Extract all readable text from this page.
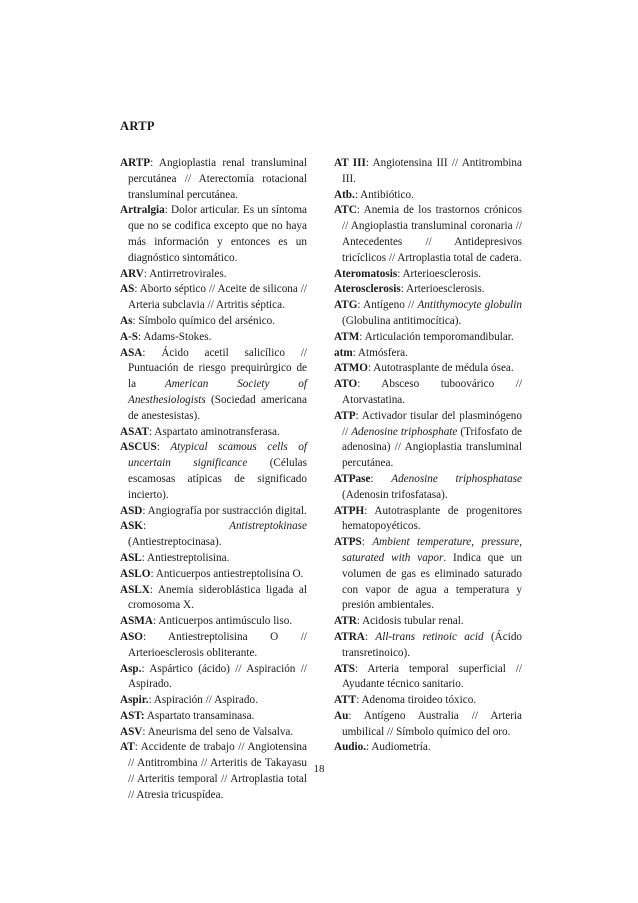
ARTP
ARTP: Angioplastia renal transluminal percutánea // Aterectomía rotacional transluminal percutánea.
Artralgia: Dolor articular. Es un síntoma que no se codifica excepto que no haya más información y entonces es un diagnóstico sintomático.
ARV: Antirretrovirales.
AS: Aborto séptico // Aceite de silicona // Arteria subclavia // Artritis séptica.
As: Símbolo químico del arsénico.
A-S: Adams-Stokes.
ASA: Ácido acetil salicílico // Puntuación de riesgo prequirúrgico de la American Society of Anesthesiologists (Sociedad americana de anestesistas).
ASAT: Aspartato aminotransferasa.
ASCUS: Atypical scamous cells of uncertain significance (Células escamosas atípicas de significado incierto).
ASD: Angiografía por sustracción digital.
ASK: Antistreptokinase (Antiestreptocinasa).
ASL: Antiestreptolisina.
ASLO: Anticuerpos antiestreptolisina O.
ASLX: Anemia sideroblástica ligada al cromosoma X.
ASMA: Anticuerpos antimúsculo liso.
ASO: Antiestreptolisina O // Arterioesclerosis obliterante.
Asp.: Aspártico (ácido) // Aspiración // Aspirado.
Aspir.: Aspiración // Aspirado.
AST: Aspartato transaminasa.
ASV: Aneurisma del seno de Valsalva.
AT: Accidente de trabajo // Angiotensina // Antitrombina // Arteritis de Takayasu // Arteritis temporal // Artroplastia total // Atresia tricuspídea.
AT III: Angiotensina III // Antitrombina III.
Atb.: Antibiótico.
ATC: Anemia de los trastornos crónicos // Angioplastia transluminal coronaria // Antecedentes // Antidepresivos tricíclicos // Artroplastia total de cadera.
Ateromatosis: Arterioesclerosis.
Aterosclerosis: Arterioesclerosis.
ATG: Antígeno // Antithymocyte globulin (Globulina antitimocítica).
ATM: Articulación temporomandibular.
atm: Atmósfera.
ATMO: Autotrasplante de médula ósea.
ATO: Absceso tuboovárico // Atorvastatina.
ATP: Activador tisular del plasminógeno // Adenosine triphosphate (Trifosfato de adenosina) // Angioplastia transluminal percutánea.
ATPase: Adenosine triphosphatase (Adenosin trifosfatasa).
ATPH: Autotrasplante de progenitores hematopoyéticos.
ATPS: Ambient temperature, pressure, saturated with vapor. Indica que un volumen de gas es eliminado saturado con vapor de agua a temperatura y presión ambientales.
ATR: Acidosis tubular renal.
ATRA: All-trans retinoic acid (Ácido transretinoico).
ATS: Arteria temporal superficial // Ayudante técnico sanitario.
ATT: Adenoma tiroideo tóxico.
Au: Antígeno Australia // Arteria umbilical // Símbolo químico del oro.
Audio.: Audiometría.
18
